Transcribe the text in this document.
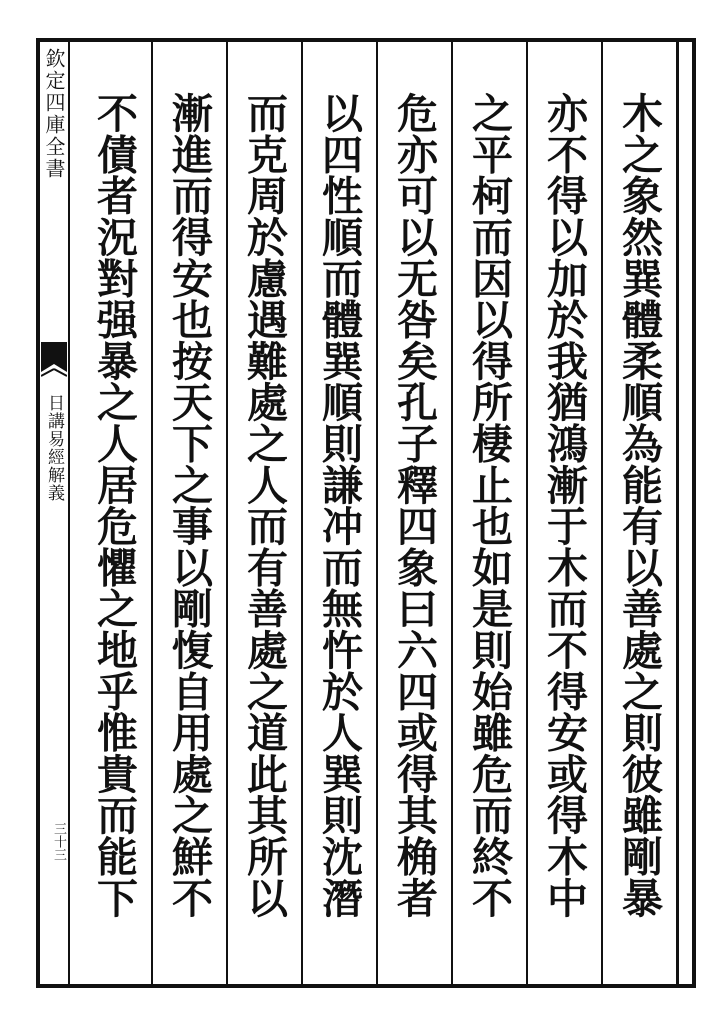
欽定四庫全書
日講易經解義
三十三	木之象然巽體柔順為能有以善處之則彼雖剛暴
亦不得以加於我猶鴻漸于木而不得安或得木中
之平柯而因以得所棲止也如是則始雖危而終不
危亦可以无咎矣孔子釋四象曰六四或得其桷者
以四性順而體巽順則謙冲而無忤於人巽則沈潛
而克周於慮遇難處之人而有善處之道此其所以
漸進而得安也按天下之事以剛愎自用處之鮮不
不債者況對强暴之人居危懼之地乎惟貴而能下
